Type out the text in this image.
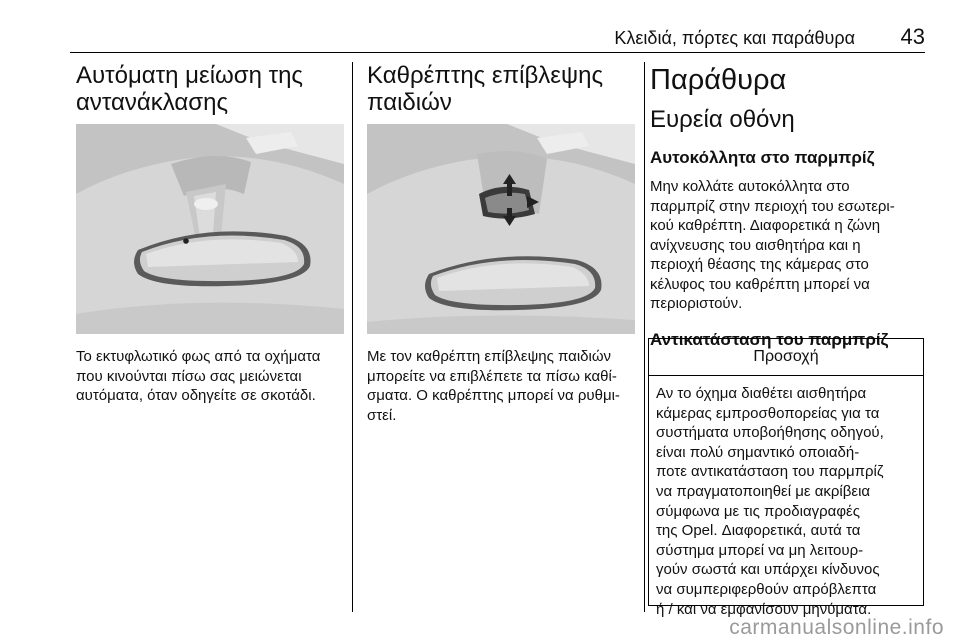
Κλειδιά, πόρτες και παράθυρα 43
Αυτόματη μείωση της
αντανάκλασης

Το εκτυφλωτικό φως από τα οχήματα
που κινούνται πίσω σας μειώνεται
αυτόματα, όταν οδηγείτε σε σκοτάδι.

Καθρέπτης επίβλεψης
παιδιών

Με τον καθρέπτη επίβλεψης παιδιών
μπορείτε να επιβλέπετε τα πίσω καθί-
σματα. Ο καθρέπτης μπορεί να ρυθμι-
στεί.

Παράθυρα
Ευρεία οθόνη
Αυτοκόλλητα στο παρμπρίζ

Μην κολλάτε αυτοκόλλητα στο
παρμπρίζ στην περιοχή του εσωτερι-
κού καθρέπτη. Διαφορετικά η ζώνη
ανίχνευσης του αισθητήρα και η
περιοχή θέασης της κάμερας στο
κέλυφος του καθρέπτη μπορεί να
περιοριστούν.

Αντικατάσταση του παρμπρίζ
Προσοχή
Αν το όχημα διαθέτει αισθητήρα
κάμερας εμπροσθοπορείας για τα
συστήματα υποβοήθησης οδηγού,
είναι πολύ σημαντικό οποιαδή-
ποτε αντικατάσταση του παρμπρίζ
να πραγματοποιηθεί με ακρίβεια
σύμφωνα με τις προδιαγραφές
της Opel. Διαφορετικά, αυτά τα
σύστημα μπορεί να μη λειτουρ-
γούν σωστά και υπάρχει κίνδυνος
να συμπεριφερθούν απρόβλεπτα
ή / και να εμφανίσουν μηνύματα.
carmanualsonline.info
